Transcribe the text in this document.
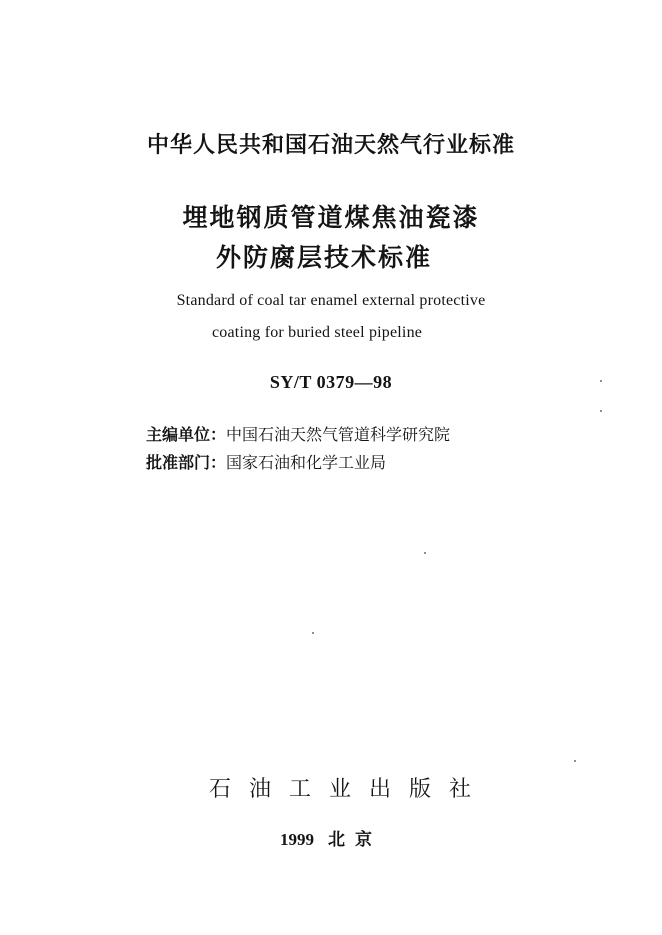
中华人民共和国石油天然气行业标准
埋地钢质管道煤焦油瓷漆
外防腐层技术标准
Standard of coal tar enamel external protective
coating for buried steel pipeline
SY/T 0379—98
主编单位：中国石油天然气管道科学研究院
批准部门：国家石油和化学工业局
石油工业出版社
1999 北京
